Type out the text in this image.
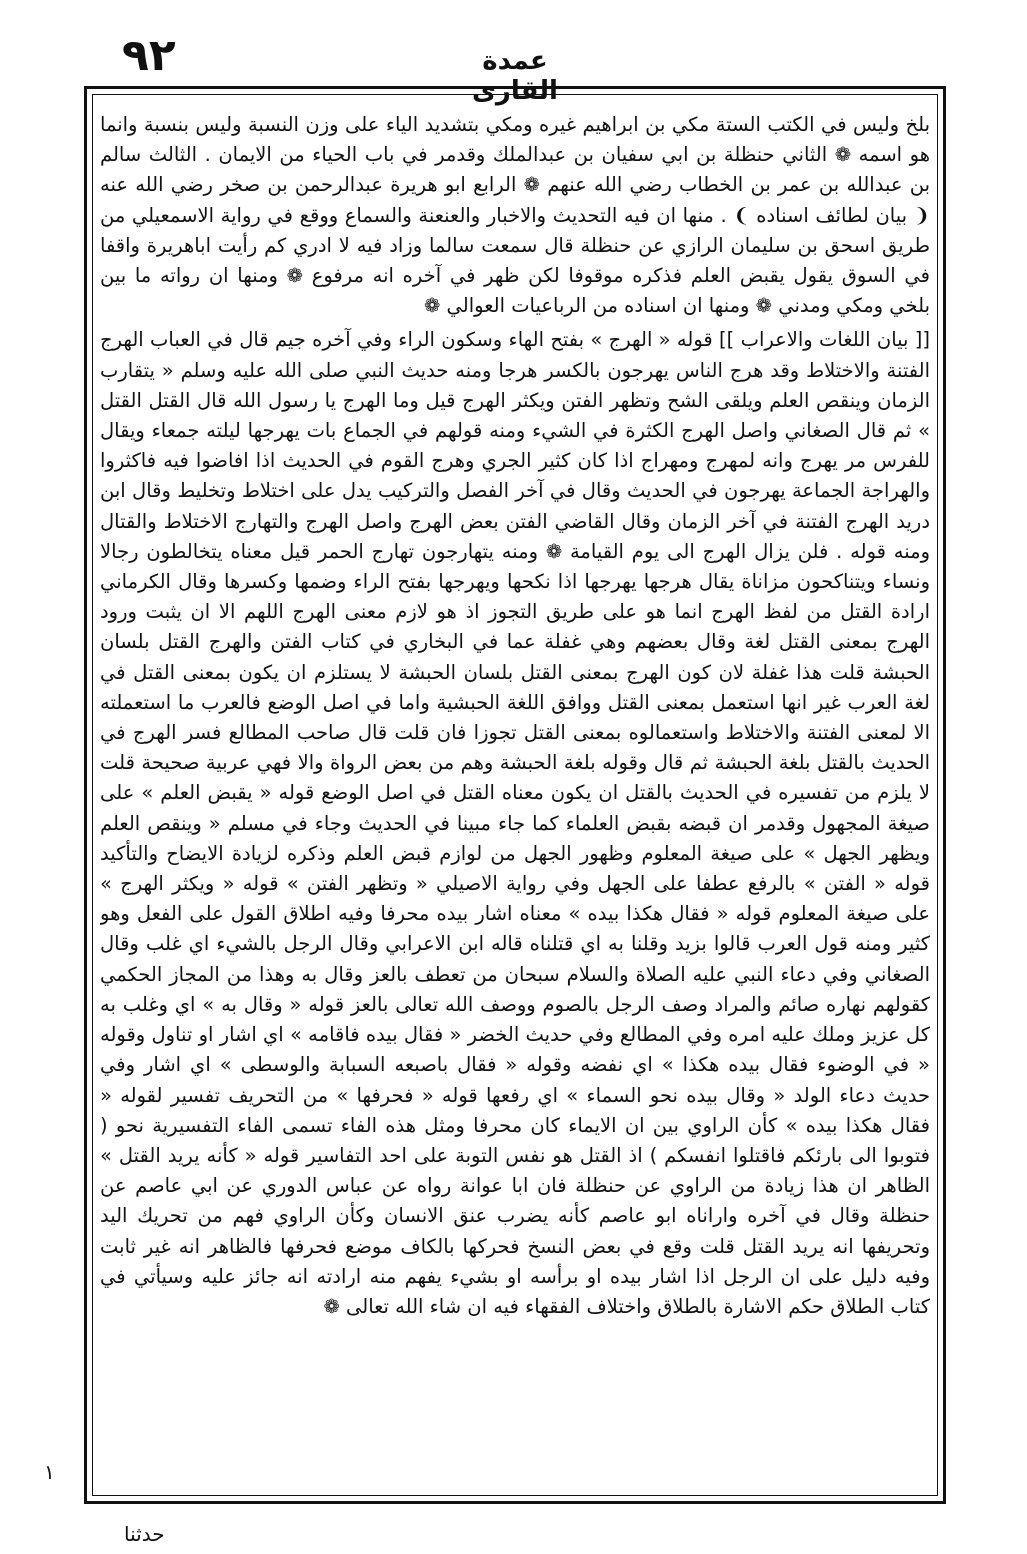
٩٢	عمدة القاری

بلخ وليس في الكتب الستة مكي بن ابراهيم غيره ومكي بتشديد الياء على وزن النسبة وليس بنسبة وانما هو اسمه ❁ الثاني حنظلة بن ابي سفيان بن عبدالملك وقدمر في باب الحياء من الايمان . الثالث سالم بن عبدالله بن عمر بن الخطاب رضي الله عنهم ❁ الرابع ابو هريرة عبدالرحمن بن صخر رضي الله عنه ❨ بيان لطائف اسناده ❩ . منها ان فيه التحديث والاخبار والعنعنة والسماع ووقع في رواية الاسمعيلي من طريق اسحق بن سليمان الرازي عن حنظلة قال سمعت سالما وزاد فيه لا ادري كم رأيت اباهريرة واقفا في السوق يقول يقبض العلم فذكره موقوفا لكن ظهر في آخره انه مرفوع ❁ ومنها ان رواته ما بين بلخي ومكي ومدني ❁ ومنها ان اسناده من الرباعيات العوالي ❁

[[ بيان اللغات والاعراب ]] قوله « الهرج » بفتح الهاء وسكون الراء وفي آخره جيم قال في العباب الهرج الفتنة والاختلاط وقد هرج الناس يهرجون بالكسر هرجا ومنه حديث النبي صلى الله عليه وسلم « يتقارب الزمان وينقص العلم ويلقى الشح وتظهر الفتن ويكثر الهرج قيل وما الهرج يا رسول الله قال القتل القتل » ثم قال الصغاني واصل الهرج الكثرة في الشيء ومنه قولهم في الجماع بات يهرجها ليلته جمعاء ويقال للفرس مر يهرج وانه لمهرج ومهراج اذا كان كثير الجري وهرج القوم في الحديث اذا افاضوا فيه فاكثروا والهراجة الجماعة يهرجون في الحديث وقال في آخر الفصل والتركيب يدل على اختلاط وتخليط وقال ابن دريد الهرج الفتنة في آخر الزمان وقال القاضي الفتن بعض الهرج واصل الهرج والتهارج الاختلاط والقتال ومنه قوله . فلن يزال الهرج الى يوم القيامة ❁ ومنه يتهارجون تهارج الحمر قيل معناه يتخالطون رجالا ونساء ويتناكحون مزاناة يقال هرجها يهرجها اذا نكحها ويهرجها بفتح الراء وضمها وكسرها وقال الكرماني ارادة القتل من لفظ الهرج انما هو على طريق التجوز اذ هو لازم معنى الهرج اللهم الا ان يثبت ورود الهرج بمعنى القتل لغة وقال بعضهم وهي غفلة عما في البخاري في كتاب الفتن والهرج القتل بلسان الحبشة قلت هذا غفلة لان كون الهرج بمعنى القتل بلسان الحبشة لا يستلزم ان يكون بمعنى القتل في لغة العرب غير انها استعمل بمعنى القتل ووافق اللغة الحبشية واما في اصل الوضع فالعرب ما استعملته الا لمعنى الفتنة والاختلاط واستعمالوه بمعنى القتل تجوزا فان قلت قال صاحب المطالع فسر الهرج في الحديث بالقتل بلغة الحبشة ثم قال وقوله بلغة الحبشة وهم من بعض الرواة والا فهي عربية صحيحة قلت لا يلزم من تفسيره في الحديث بالقتل ان يكون معناه القتل في اصل الوضع قوله « يقبض العلم » على صيغة المجهول وقدمر ان قبضه بقبض العلماء كما جاء مبينا في الحديث وجاء في مسلم « وينقص العلم ويظهر الجهل » على صيغة المعلوم وظهور الجهل من لوازم قبض العلم وذكره لزيادة الايضاح والتأكيد قوله « الفتن » بالرفع عطفا على الجهل وفي رواية الاصيلي « وتظهر الفتن » قوله « ويكثر الهرج » على صيغة المعلوم قوله « فقال هكذا بيده » معناه اشار بيده محرفا وفيه اطلاق القول على الفعل وهو كثير ومنه قول العرب قالوا بزيد وقلنا به اي قتلناه قاله ابن الاعرابي وقال الرجل بالشيء اي غلب وقال الصغاني وفي دعاء النبي عليه الصلاة والسلام سبحان من تعطف بالعز وقال به وهذا من المجاز الحكمي كقولهم نهاره صائم والمراد وصف الرجل بالصوم ووصف الله تعالى بالعز قوله « وقال به » اي وغلب به كل عزيز وملك عليه امره وفي المطالع وفي حديث الخضر « فقال بيده فاقامه » اي اشار او تناول وقوله « في الوضوء فقال بيده هكذا » اي نفضه وقوله « فقال باصبعه السبابة والوسطى » اي اشار وفي حديث دعاء الولد « وقال بيده نحو السماء » اي رفعها قوله « فحرفها » من التحريف تفسير لقوله « فقال هكذا بيده » كأن الراوي بين ان الايماء كان محرفا ومثل هذه الفاء تسمى الفاء التفسيرية نحو ( فتوبوا الى بارئكم فاقتلوا انفسكم ) اذ القتل هو نفس التوبة على احد التفاسير قوله « كأنه يريد القتل » الظاهر ان هذا زيادة من الراوي عن حنظلة فان ابا عوانة رواه عن عباس الدوري عن ابي عاصم عن حنظلة وقال في آخره واراناه ابو عاصم كأنه يضرب عنق الانسان وكأن الراوي فهم من تحريك اليد وتحريفها انه يريد القتل قلت وقع في بعض النسخ فحركها بالكاف موضع فحرفها فالظاهر انه غير ثابت وفيه دليل على ان الرجل اذا اشار بيده او برأسه او بشيء يفهم منه ارادته انه جائز عليه وسيأتي في كتاب الطلاق حكم الاشارة بالطلاق واختلاف الفقهاء فيه ان شاء الله تعالى ❁

١
حدثنا
